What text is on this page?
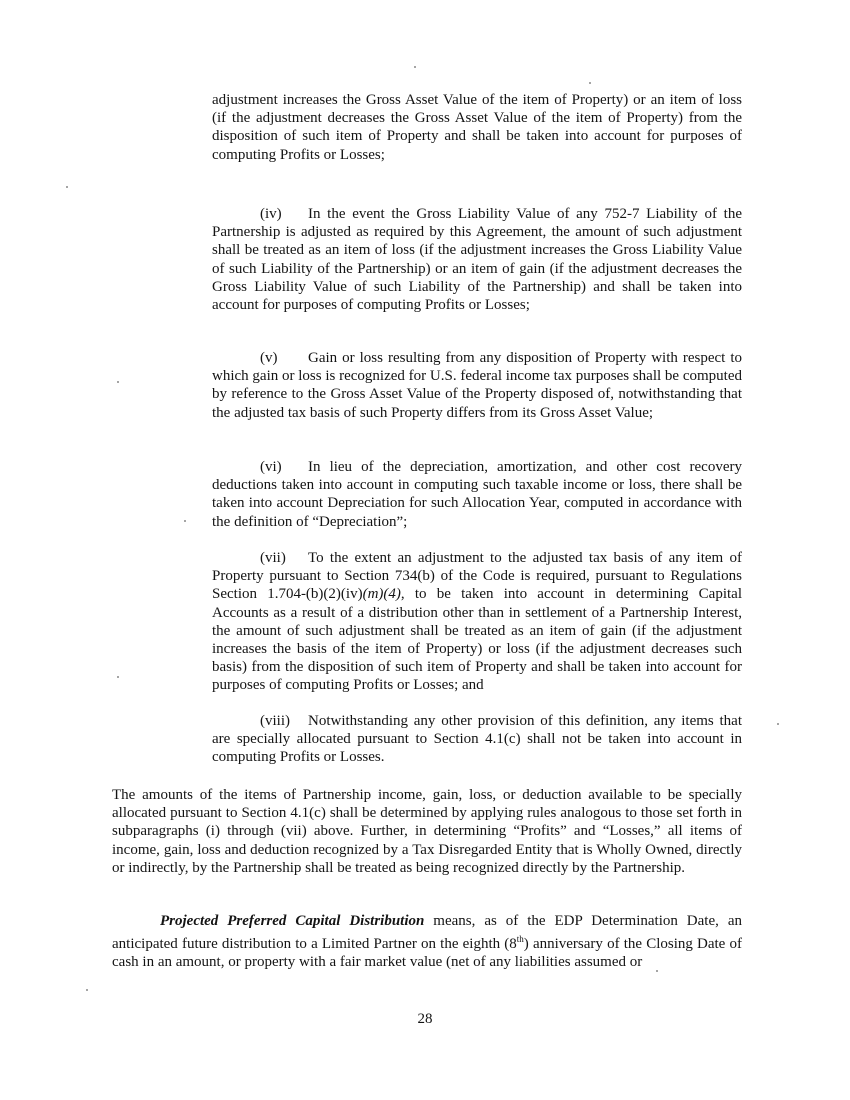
adjustment increases the Gross Asset Value of the item of Property) or an item of loss (if the adjustment decreases the Gross Asset Value of the item of Property) from the disposition of such item of Property and shall be taken into account for purposes of computing Profits or Losses;

(iv) In the event the Gross Liability Value of any 752-7 Liability of the Partnership is adjusted as required by this Agreement, the amount of such adjustment shall be treated as an item of loss (if the adjustment increases the Gross Liability Value of such Liability of the Partnership) or an item of gain (if the adjustment decreases the Gross Liability Value of such Liability of the Partnership) and shall be taken into account for purposes of computing Profits or Losses;

(v) Gain or loss resulting from any disposition of Property with respect to which gain or loss is recognized for U.S. federal income tax purposes shall be computed by reference to the Gross Asset Value of the Property disposed of, notwithstanding that the adjusted tax basis of such Property differs from its Gross Asset Value;

(vi) In lieu of the depreciation, amortization, and other cost recovery deductions taken into account in computing such taxable income or loss, there shall be taken into account Depreciation for such Allocation Year, computed in accordance with the definition of “Depreciation”;

(vii) To the extent an adjustment to the adjusted tax basis of any item of Property pursuant to Section 734(b) of the Code is required, pursuant to Regulations Section 1.704-(b)(2)(iv)(m)(4), to be taken into account in determining Capital Accounts as a result of a distribution other than in settlement of a Partnership Interest, the amount of such adjustment shall be treated as an item of gain (if the adjustment increases the basis of the item of Property) or loss (if the adjustment decreases such basis) from the disposition of such item of Property and shall be taken into account for purposes of computing Profits or Losses; and

(viii) Notwithstanding any other provision of this definition, any items that are specially allocated pursuant to Section 4.1(c) shall not be taken into account in computing Profits or Losses.

The amounts of the items of Partnership income, gain, loss, or deduction available to be specially allocated pursuant to Section 4.1(c) shall be determined by applying rules analogous to those set forth in subparagraphs (i) through (vii) above. Further, in determining “Profits” and “Losses,” all items of income, gain, loss and deduction recognized by a Tax Disregarded Entity that is Wholly Owned, directly or indirectly, by the Partnership shall be treated as being recognized directly by the Partnership.

Projected Preferred Capital Distribution means, as of the EDP Determination Date, an anticipated future distribution to a Limited Partner on the eighth (8th) anniversary of the Closing Date of cash in an amount, or property with a fair market value (net of any liabilities assumed or

28
